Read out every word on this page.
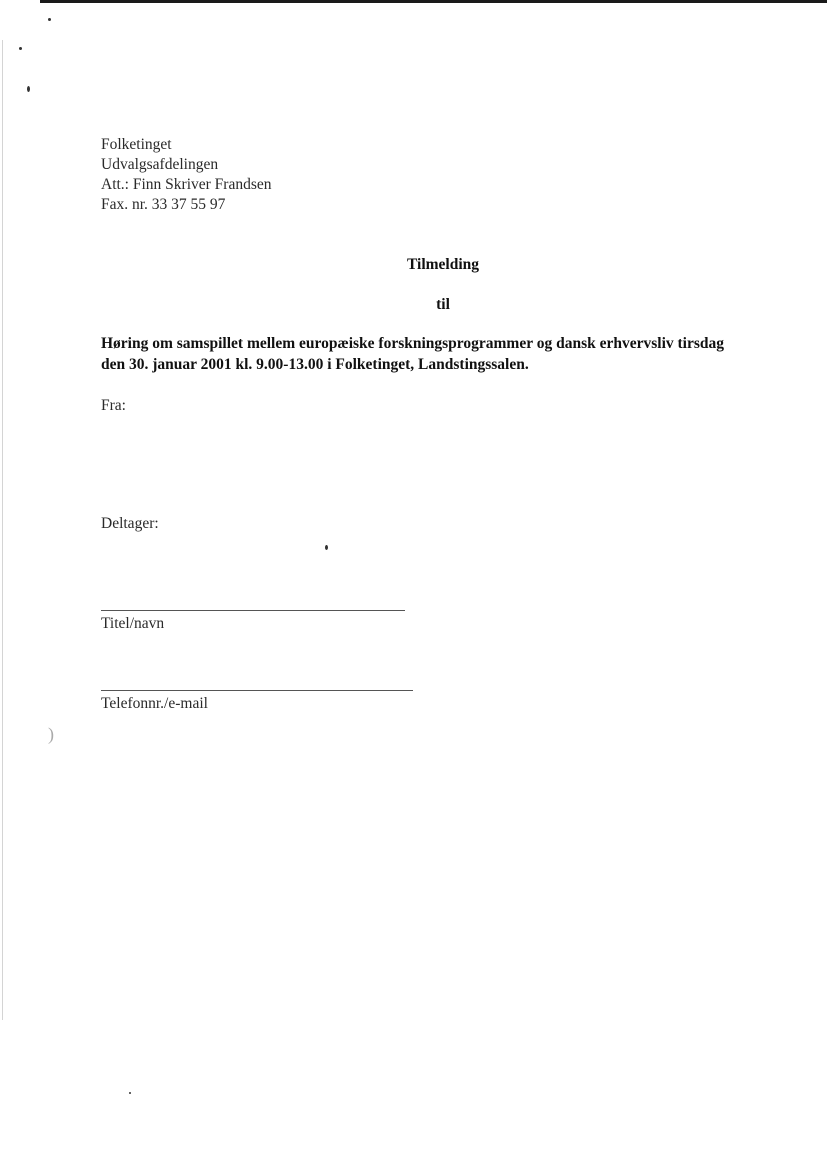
)
Folketinget
Udvalgsafdelingen
Att.: Finn Skriver Frandsen
Fax. nr. 33 37 55 97
Tilmelding
til
Høring om samspillet mellem europæiske forskningsprogrammer og dansk erhvervsliv tirsdag
den 30. januar 2001 kl. 9.00-13.00 i Folketinget, Landstingssalen.
Fra:
Deltager:
Titel/navn
Telefonnr./e-mail
